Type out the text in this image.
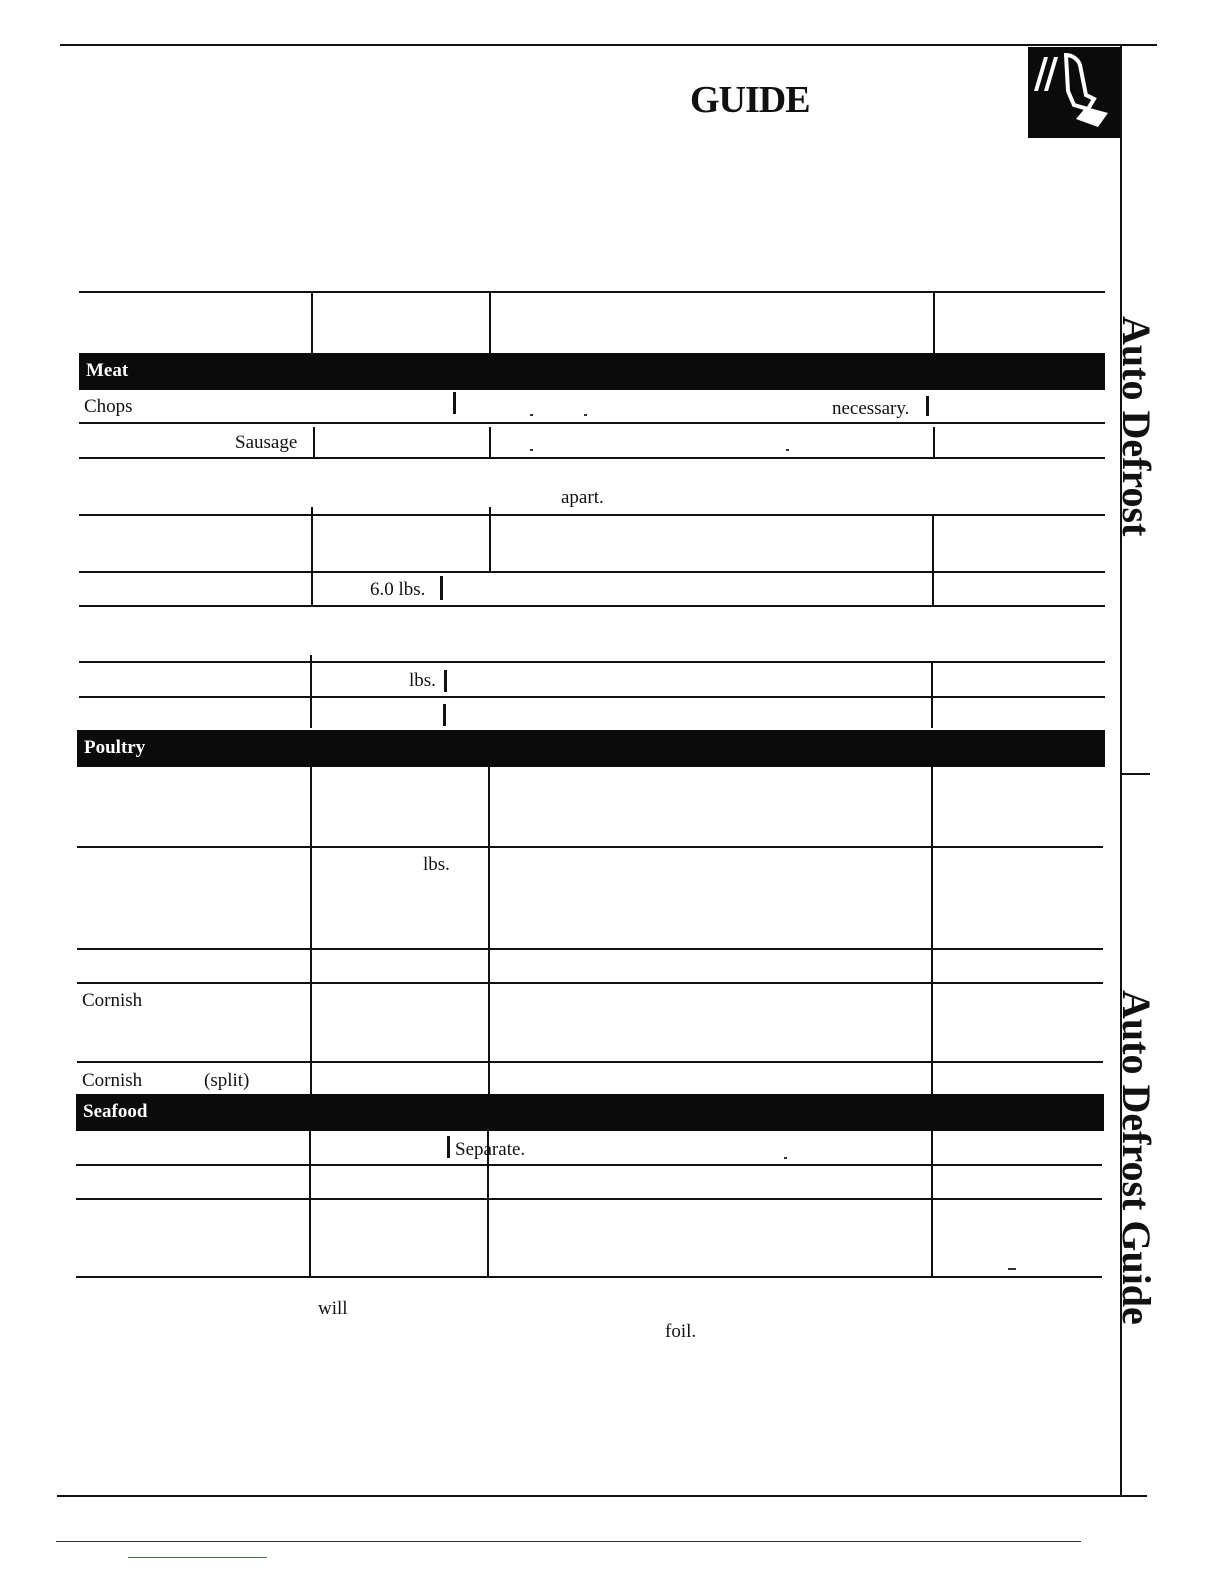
GUIDE
Auto Defrost
Auto Defrost Guide
Meat
Chops	necessary.
Sausage
apart.
6.0 lbs.
lbs.
Poultry
lbs.
Cornish
Cornish	(split)
Seafood
Separate.
will
foil.
